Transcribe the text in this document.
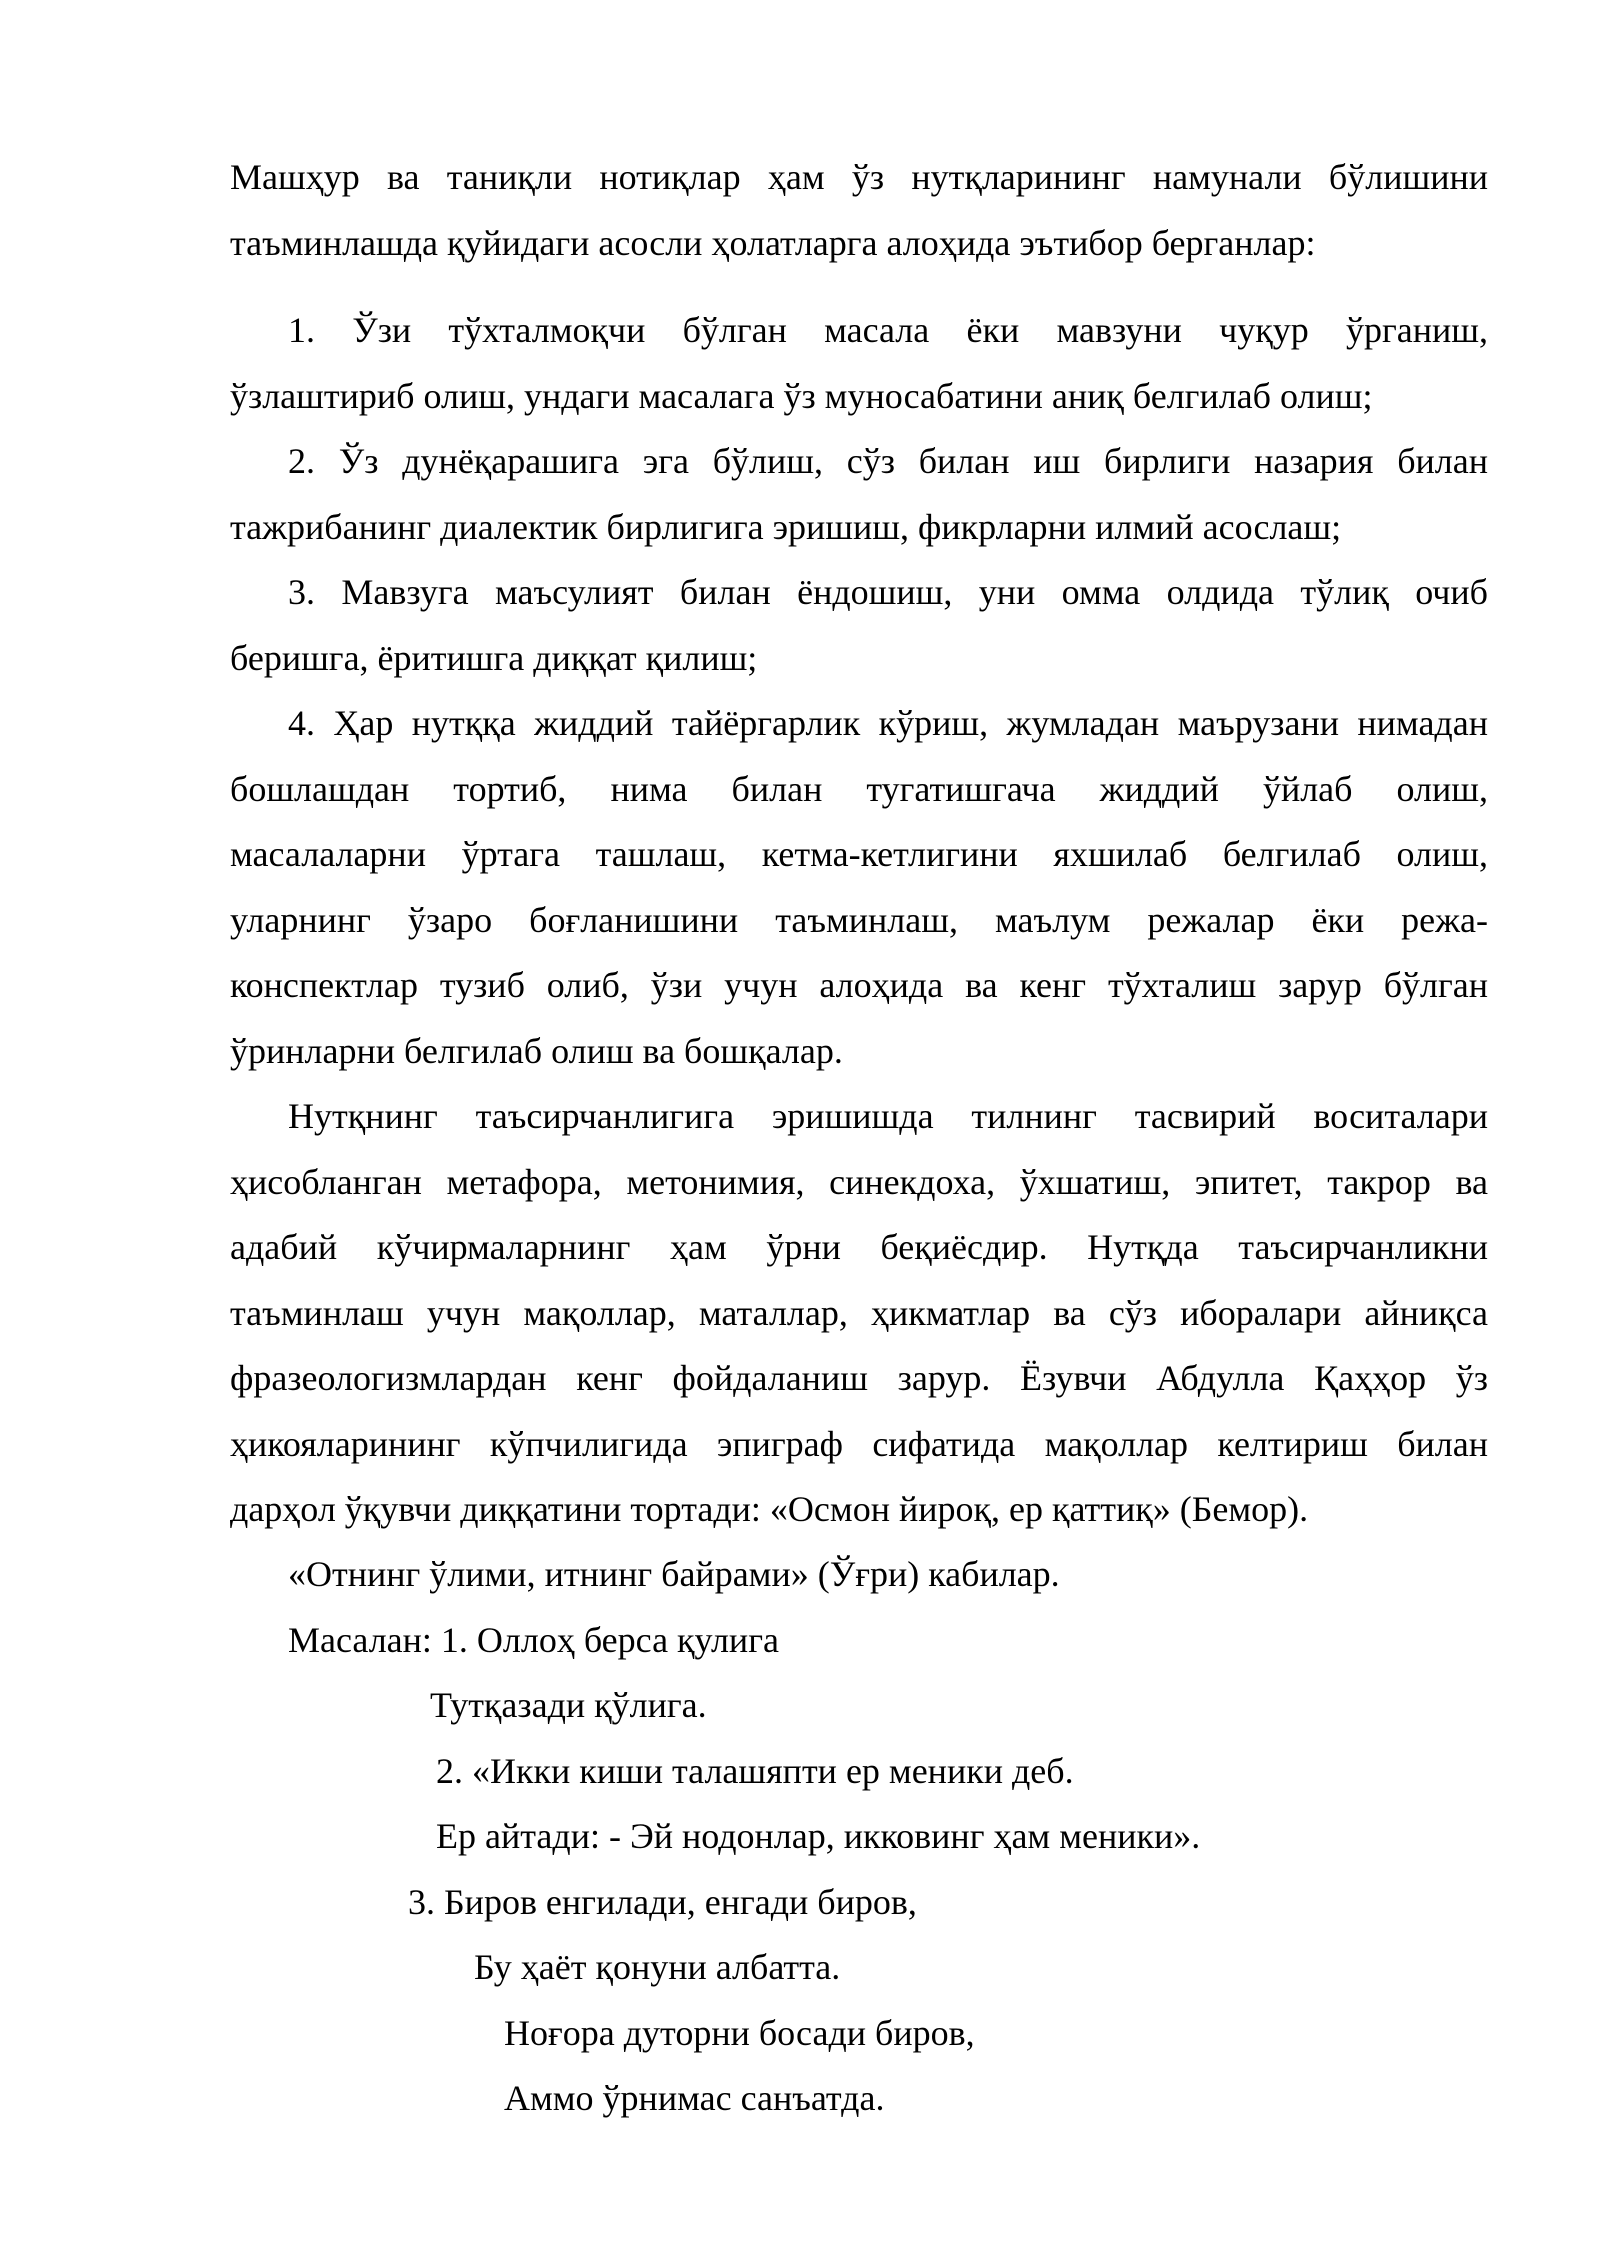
Машҳур ва таниқли нотиқлар ҳам ўз нутқларининг намунали бўлишини
таъминлашда қуйидаги асосли ҳолатларга алоҳида эътибор берганлар:
1. Ўзи тўхталмоқчи бўлган масала ёки мавзуни чуқур ўрганиш,
ўзлаштириб олиш, ундаги масалага ўз муносабатини аниқ белгилаб олиш;
2. Ўз дунёқарашига эга бўлиш, сўз билан иш бирлиги назария билан
тажрибанинг диалектик бирлигига эришиш, фикрларни илмий асослаш;
3. Мавзуга маъсулият билан ёндошиш, уни омма олдида тўлиқ очиб
беришга, ёритишга диққат қилиш;
4. Ҳар нутққа жиддий тайёргарлик кўриш, жумладан маърузани нимадан
бошлашдан тортиб, нима билан тугатишгача жиддий ўйлаб олиш,
масалаларни ўртага ташлаш, кетма-кетлигини яхшилаб белгилаб олиш,
уларнинг ўзаро боғланишини таъминлаш, маълум режалар ёки режа-
конспектлар тузиб олиб, ўзи учун алоҳида ва кенг тўхталиш зарур бўлган
ўринларни белгилаб олиш ва бошқалар.
Нутқнинг таъсирчанлигига эришишда тилнинг тасвирий воситалари
ҳисобланган метафора, метонимия, синекдоха, ўхшатиш, эпитет, такрор ва
адабий кўчирмаларнинг ҳам ўрни беқиёсдир. Нутқда таъсирчанликни
таъминлаш учун мақоллар, маталлар, ҳикматлар ва сўз иборалари айниқса
фразеологизмлардан кенг фойдаланиш зарур. Ёзувчи Абдулла Қаҳҳор ўз
ҳикояларининг кўпчилигида эпиграф сифатида мақоллар келтириш билан
дарҳол ўқувчи диққатини тортади: «Осмон йироқ, ер қаттиқ» (Бемор).
«Отнинг ўлими, итнинг байрами» (Ўғри) кабилар.
Масалан: 1. Оллоҳ берса қулига
Тутқазади қўлига.
2. «Икки киши талашяпти ер меники деб.
Ер айтади: - Эй нодонлар, икковинг ҳам меники».
3. Биров енгилади, енгади биров,
Бу ҳаёт қонуни албатта.
Ноғора дуторни босади биров,
Аммо ўрнимас санъатда.
